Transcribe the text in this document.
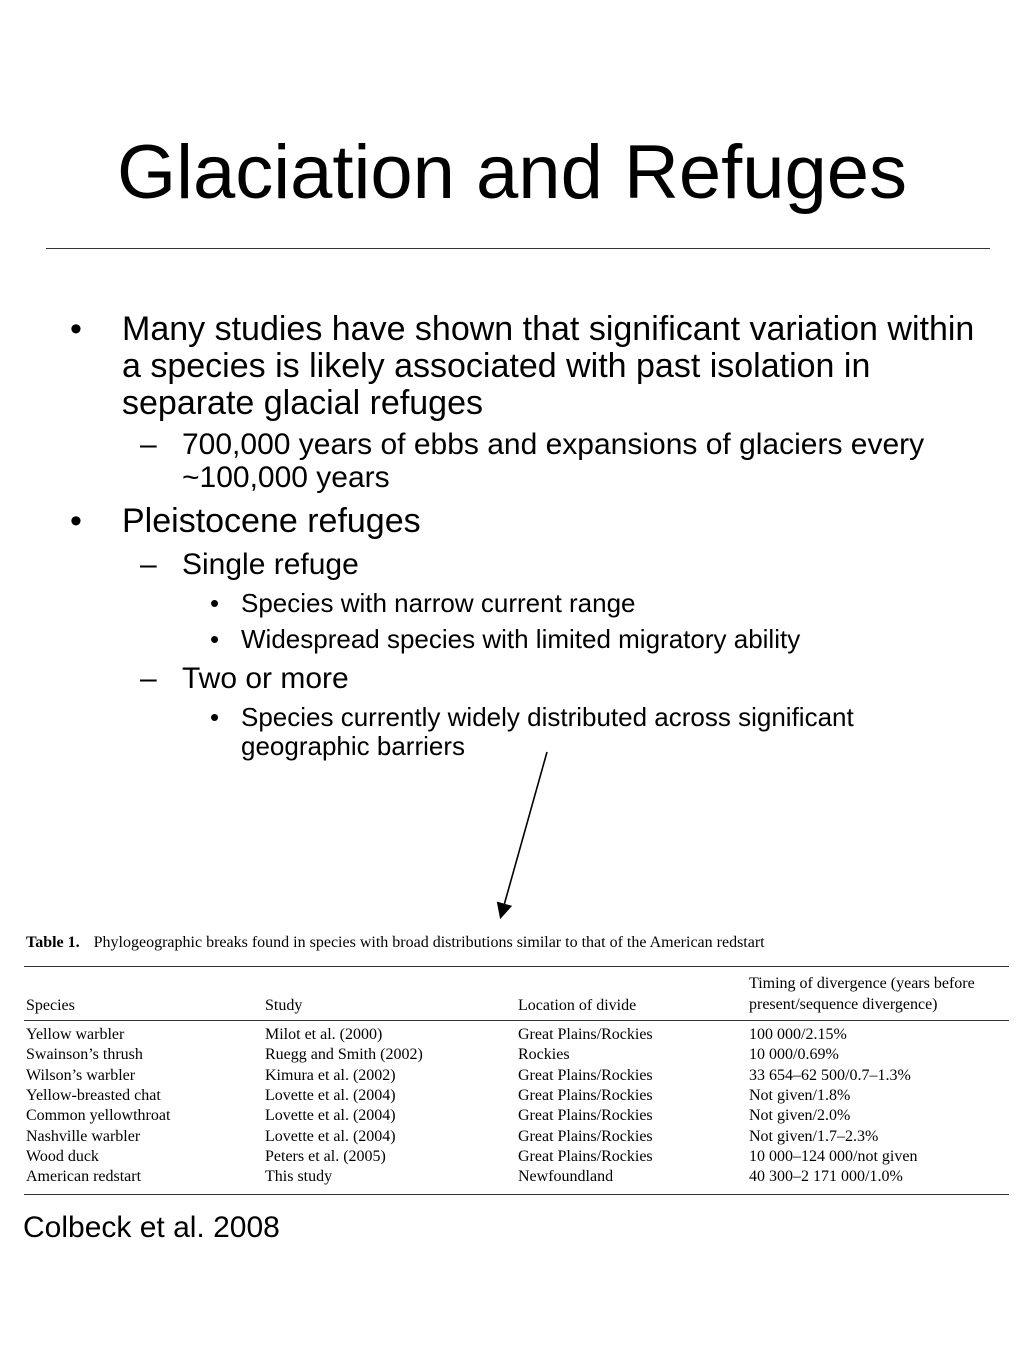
Glaciation and Refuges
• Many studies have shown that significant variation within a species is likely associated with past isolation in separate glacial refuges
– 700,000 years of ebbs and expansions of glaciers every ~100,000 years
• Pleistocene refuges
– Single refuge
• Species with narrow current range
• Widespread species with limited migratory ability
– Two or more
• Species currently widely distributed across significant geographic barriers
Table 1. Phylogeographic breaks found in species with broad distributions similar to that of the American redstart
Species	Study	Location of divide
Timing of divergence (years before present/sequence divergence)
Yellow warbler	Milot et al. (2000)	Great Plains/Rockies	100 000/2.15%
Swainson’s thrush	Ruegg and Smith (2002)	Rockies	10 000/0.69%
Wilson’s warbler	Kimura et al. (2002)	Great Plains/Rockies	33 654–62 500/0.7–1.3%
Yellow-breasted chat	Lovette et al. (2004)	Great Plains/Rockies	Not given/1.8%
Common yellowthroat	Lovette et al. (2004)	Great Plains/Rockies	Not given/2.0%
Nashville warbler	Lovette et al. (2004)	Great Plains/Rockies	Not given/1.7–2.3%
Wood duck	Peters et al. (2005)	Great Plains/Rockies	10 000–124 000/not given
American redstart	This study	Newfoundland	40 300–2 171 000/1.0%
Colbeck et al. 2008
